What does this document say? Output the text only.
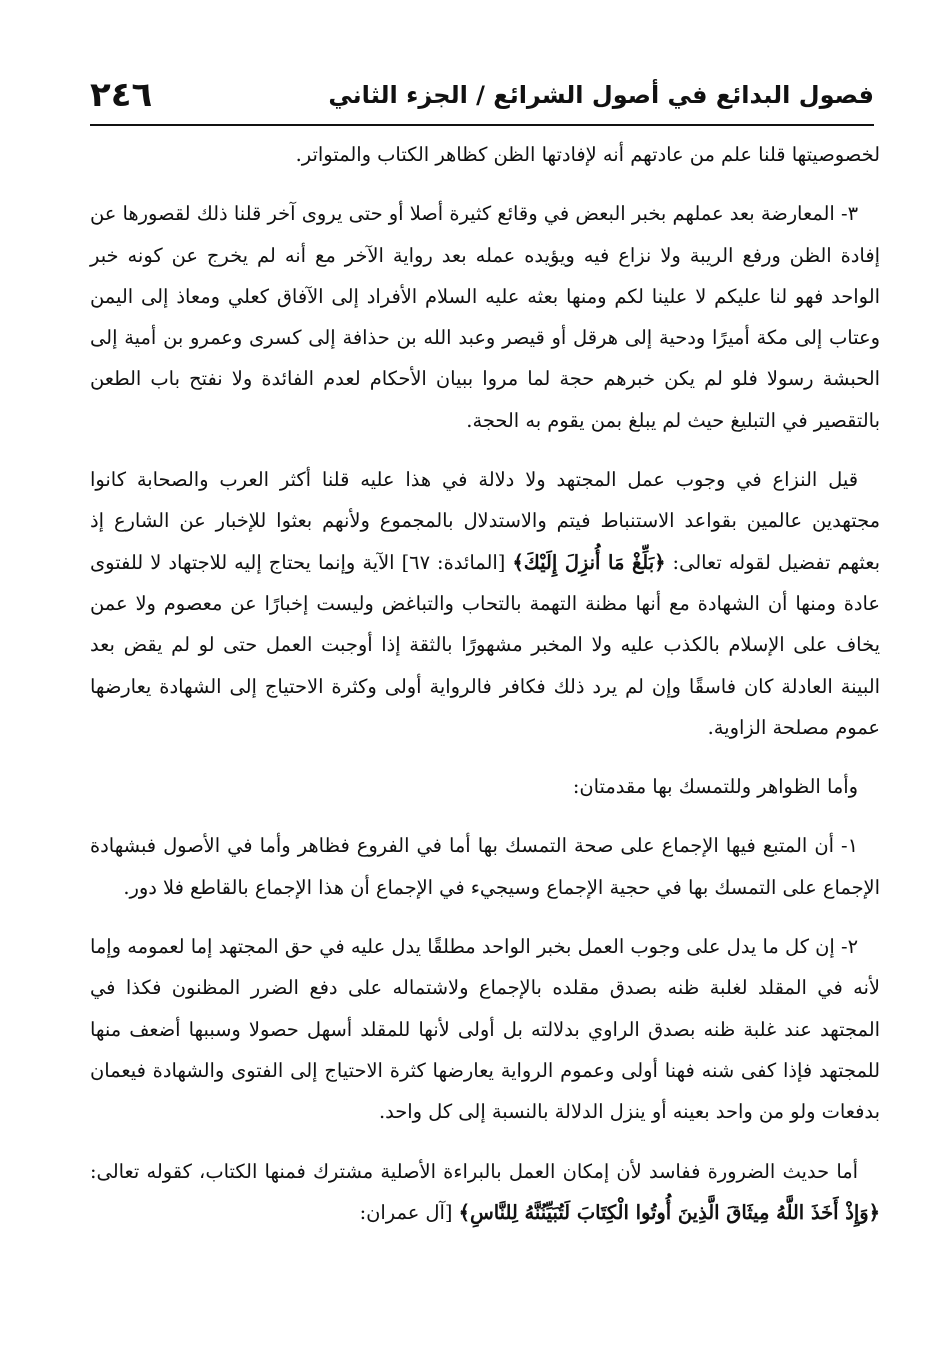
فصول البدائع في أصول الشرائع / الجزء الثاني
٢٤٦

لخصوصيتها قلنا علم من عادتهم أنه لإفادتها الظن كظاهر الكتاب والمتواتر.

٣- المعارضة بعد عملهم بخبر البعض في وقائع كثيرة أصلا أو حتى يروى آخر قلنا ذلك لقصورها عن إفادة الظن ورفع الريبة ولا نزاع فيه ويؤيده عمله بعد رواية الآخر مع أنه لم يخرج عن كونه خبر الواحد فهو لنا عليكم لا علينا لكم ومنها بعثه عليه السلام الأفراد إلى الآفاق كعلي ومعاذ إلى اليمن وعتاب إلى مكة أميرًا ودحية إلى هرقل أو قيصر وعبد الله بن حذافة إلى كسرى وعمرو بن أمية إلى الحبشة رسولا فلو لم يكن خبرهم حجة لما مروا ببيان الأحكام لعدم الفائدة ولا نفتح باب الطعن بالتقصير في التبليغ حيث لم يبلغ بمن يقوم به الحجة.

قيل النزاع في وجوب عمل المجتهد ولا دلالة في هذا عليه قلنا أكثر العرب والصحابة كانوا مجتهدين عالمين بقواعد الاستنباط فيتم والاستدلال بالمجموع ولأنهم بعثوا للإخبار عن الشارع إذ بعثهم تفضيل لقوله تعالى: ﴿بَلِّغْ مَا أُنزِلَ إِلَيْكَ﴾ [المائدة: ٦٧] الآية وإنما يحتاج إليه للاجتهاد لا للفتوى عادة ومنها أن الشهادة مع أنها مظنة التهمة بالتحاب والتباغض وليست إخبارًا عن معصوم ولا عمن يخاف على الإسلام بالكذب عليه ولا المخبر مشهورًا بالثقة إذا أوجبت العمل حتى لو لم يقض بعد البينة العادلة كان فاسقًا وإن لم يرد ذلك فكافر فالرواية أولى وكثرة الاحتياج إلى الشهادة يعارضها عموم مصلحة الزاوية.

وأما الظواهر وللتمسك بها مقدمتان:

١- أن المتبع فيها الإجماع على صحة التمسك بها أما في الفروع فظاهر وأما في الأصول فبشهادة الإجماع على التمسك بها في حجية الإجماع وسيجيء في الإجماع أن هذا الإجماع بالقاطع فلا دور.

٢- إن كل ما يدل على وجوب العمل بخبر الواحد مطلقًا يدل عليه في حق المجتهد إما لعمومه وإما لأنه في المقلد لغلبة ظنه بصدق مقلده بالإجماع ولاشتماله على دفع الضرر المظنون فكذا في المجتهد عند غلبة ظنه بصدق الراوي بدلالته بل أولى لأنها للمقلد أسهل حصولا وسببها أضعف منها للمجتهد فإذا كفى شنه فهنا أولى وعموم الرواية يعارضها كثرة الاحتياج إلى الفتوى والشهادة فيعمان بدفعات ولو من واحد بعينه أو ينزل الدلالة بالنسبة إلى كل واحد.

أما حديث الضرورة ففاسد لأن إمكان العمل بالبراءة الأصلية مشترك فمنها الكتاب، كقوله تعالى: ﴿وَإِذْ أَخَذَ اللَّهُ مِيثَاقَ الَّذِينَ أُوتُوا الْكِتَابَ لَتُبَيِّنُنَّهُ لِلنَّاسِ﴾ [آل عمران:
